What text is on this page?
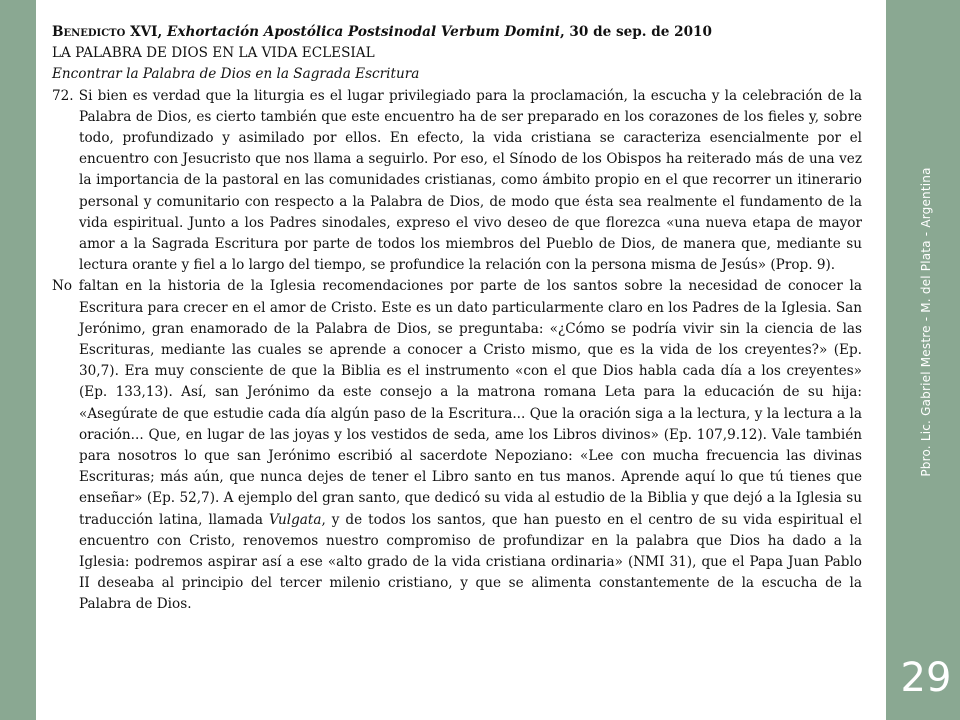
Benedicto XVI, Exhortación Apostólica Postsinodal Verbum Domini, 30 de sep. de 2010
LA PALABRA DE DIOS EN LA VIDA ECLESIAL
Encontrar la Palabra de Dios en la Sagrada Escritura

72. Si bien es verdad que la liturgia es el lugar privilegiado para la proclamación, la escucha y la celebración de la Palabra de Dios, es cierto también que este encuentro ha de ser preparado en los corazones de los fieles y, sobre todo, profundizado y asimilado por ellos. En efecto, la vida cristiana se caracteriza esencialmente por el encuentro con Jesucristo que nos llama a seguirlo. Por eso, el Sínodo de los Obispos ha reiterado más de una vez la importancia de la pastoral en las comunidades cristianas, como ámbito propio en el que recorrer un itinerario personal y comunitario con respecto a la Palabra de Dios, de modo que ésta sea realmente el fundamento de la vida espiritual. Junto a los Padres sinodales, expreso el vivo deseo de que florezca «una nueva etapa de mayor amor a la Sagrada Escritura por parte de todos los miembros del Pueblo de Dios, de manera que, mediante su lectura orante y fiel a lo largo del tiempo, se profundice la relación con la persona misma de Jesús» (Prop. 9).

No faltan en la historia de la Iglesia recomendaciones por parte de los santos sobre la necesidad de conocer la Escritura para crecer en el amor de Cristo. Este es un dato particularmente claro en los Padres de la Iglesia. San Jerónimo, gran enamorado de la Palabra de Dios, se preguntaba: «¿Cómo se podría vivir sin la ciencia de las Escrituras, mediante las cuales se aprende a conocer a Cristo mismo, que es la vida de los creyentes?» (Ep. 30,7). Era muy consciente de que la Biblia es el instrumento «con el que Dios habla cada día a los creyentes» (Ep. 133,13). Así, san Jerónimo da este consejo a la matrona romana Leta para la educación de su hija: «Asegúrate de que estudie cada día algún paso de la Escritura... Que la oración siga a la lectura, y la lectura a la oración... Que, en lugar de las joyas y los vestidos de seda, ame los Libros divinos» (Ep. 107,9.12). Vale también para nosotros lo que san Jerónimo escribió al sacerdote Nepoziano: «Lee con mucha frecuencia las divinas Escrituras; más aún, que nunca dejes de tener el Libro santo en tus manos. Aprende aquí lo que tú tienes que enseñar» (Ep. 52,7). A ejemplo del gran santo, que dedicó su vida al estudio de la Biblia y que dejó a la Iglesia su traducción latina, llamada Vulgata, y de todos los santos, que han puesto en el centro de su vida espiritual el encuentro con Cristo, renovemos nuestro compromiso de profundizar en la palabra que Dios ha dado a la Iglesia: podremos aspirar así a ese «alto grado de la vida cristiana ordinaria» (NMI 31), que el Papa Juan Pablo II deseaba al principio del tercer milenio cristiano, y que se alimenta constantemente de la escucha de la Palabra de Dios.

Pbro. Lic. Gabriel Mestre - M. del Plata - Argentina
29
